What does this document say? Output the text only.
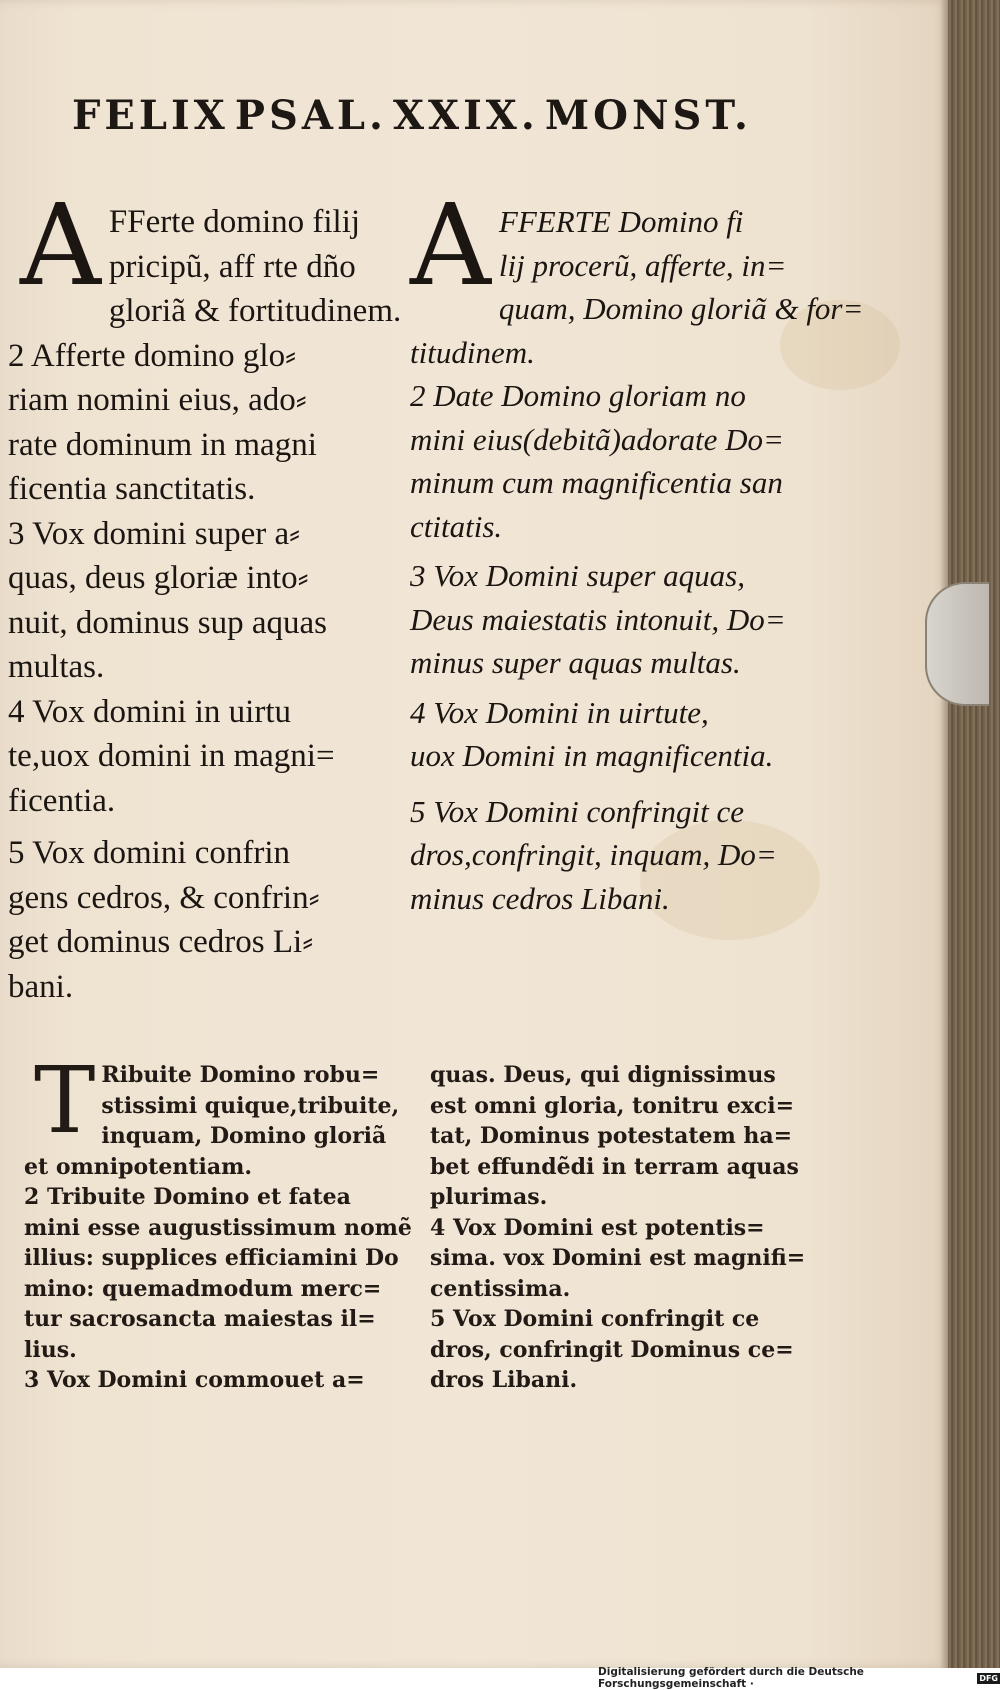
FELIX PSAL. XXIX. MONST.
A FFerte domino filij
pricipũ, aff rte dño
gloriã & fortitudinem.
2 Afferte domino glo⸗
riam nomini eius, ado⸗
rate dominum in magni
ficentia sanctitatis.
3 Vox domini super a⸗
quas, deus gloriæ into⸗
nuit, dominus sup aquas
multas.
4 Vox domini in uirtu
te,uox domini in magni=
ficentia.
5 Vox domini confrin
gens cedros, & confrin⸗
get dominus cedros Li⸗
bani.
A FFERTE Domino fi
lij procerũ, afferte, in=
quam, Domino gloriã & for=
titudinem.
2 Date Domino gloriam no
mini eius(debitã)adorate Do=
minum cum magnificentia san
ctitatis.
3 Vox Domini super aquas,
Deus maiestatis intonuit, Do=
minus super aquas multas.
4 Vox Domini in uirtute,
uox Domini in magnificentia.
5 Vox Domini confringit ce
dros,confringit, inquam, Do=
minus cedros Libani.
T Ribuite Domino robu=
stissimi quique,tribuite,
inquam, Domino gloriã
et omnipotentiam.
2 Tribuite Domino et fatea
mini esse augustissimum nomẽ
illius: supplices efficiamini Do
mino: quemadmodum merc=
tur sacrosancta maiestas il=
lius.
3 Vox Domini commouet a=
quas. Deus, qui dignissimus
est omni gloria, tonitru exci=
tat, Dominus potestatem ha=
bet effundẽdi in terram aquas
plurimas.
4 Vox Domini est potentis=
sima. vox Domini est magnifi=
centissima.
5 Vox Domini confringit ce
dros, confringit Dominus ce=
dros Libani.
Digitalisierung gefördert durch die Deutsche Forschungsgemeinschaft ·	DFG
